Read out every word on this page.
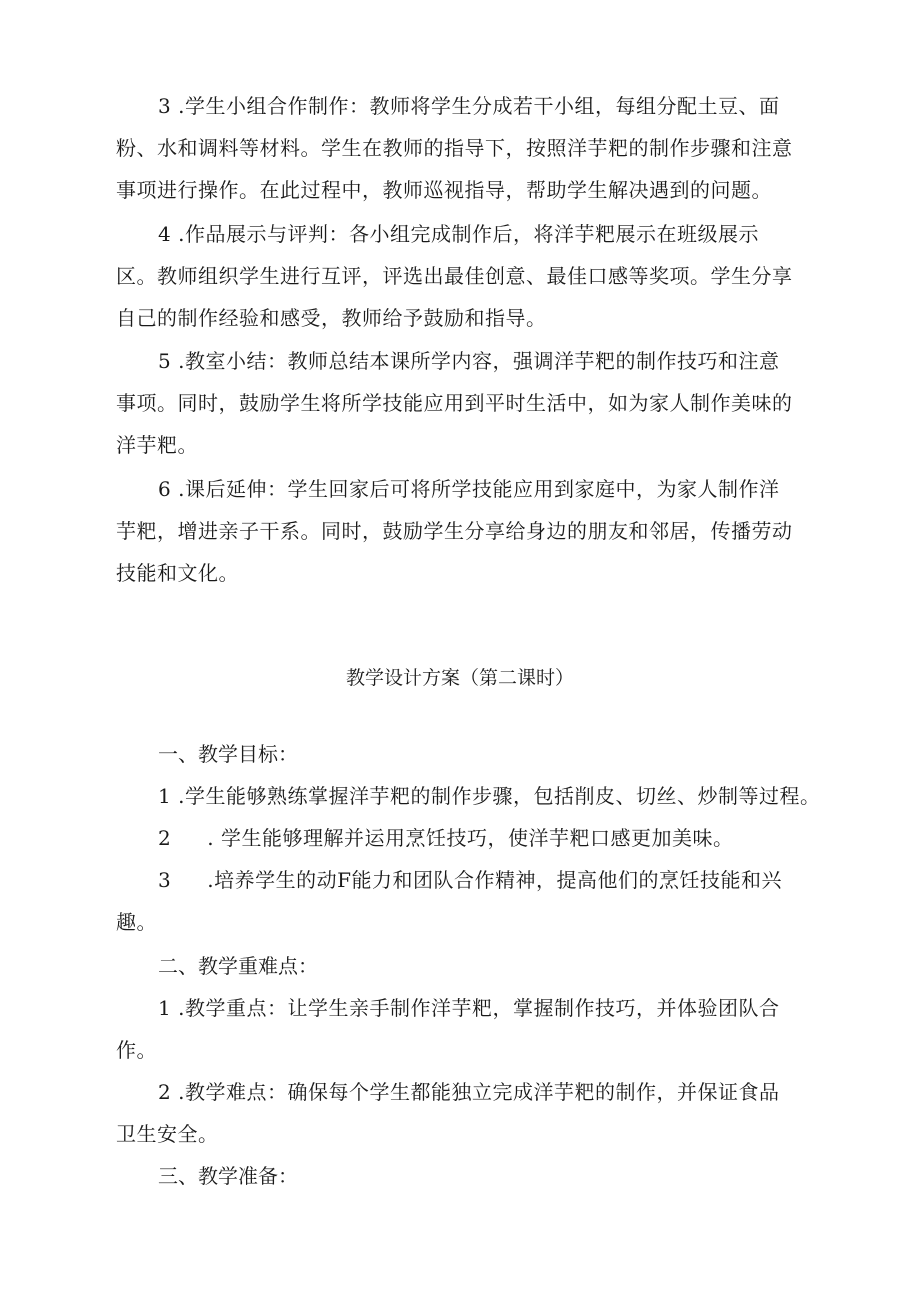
3 .学生小组合作制作：教师将学生分成若干小组，每组分配土豆、面
粉、水和调料等材料。学生在教师的指导下，按照洋芋粑的制作步骤和注意
事项进行操作。在此过程中，教师巡视指导，帮助学生解决遇到的问题。
4 .作品展示与评判：各小组完成制作后，将洋芋粑展示在班级展示
区。教师组织学生进行互评，评选出最佳创意、最佳口感等奖项。学生分享
自己的制作经验和感受，教师给予鼓励和指导。
5 .教室小结：教师总结本课所学内容，强调洋芋粑的制作技巧和注意
事项。同时，鼓励学生将所学技能应用到平时生活中，如为家人制作美味的
洋芋粑。
6 .课后延伸：学生回家后可将所学技能应用到家庭中，为家人制作洋
芋粑，增进亲子干系。同时，鼓励学生分享给身边的朋友和邻居，传播劳动
技能和文化。
教学设计方案（第二课时）
一、教学目标：
1 .学生能够熟练掌握洋芋粑的制作步骤，包括削皮、切丝、炒制等过程。
2 . 学生能够理解并运用烹饪技巧，使洋芋粑口感更加美味。
3 .培养学生的动F能力和团队合作精神，提高他们的烹饪技能和兴
趣。
二、教学重难点：
1 .教学重点：让学生亲手制作洋芋粑，掌握制作技巧，并体验团队合
作。
2 .教学难点：确保每个学生都能独立完成洋芋粑的制作，并保证食品
卫生安全。
三、教学准备：
